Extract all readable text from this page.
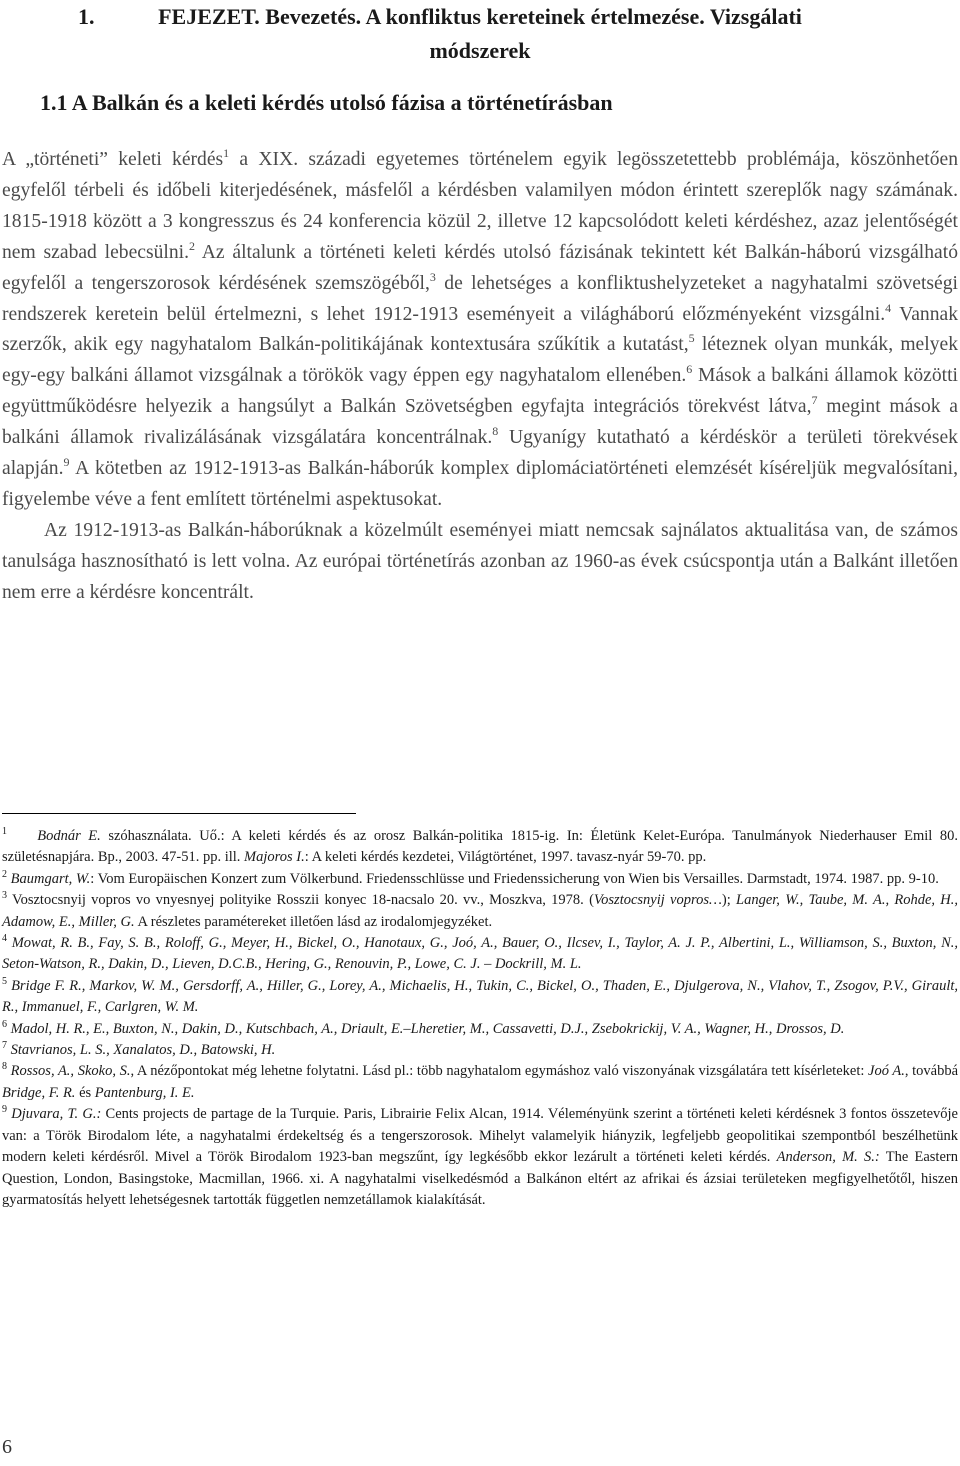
1.	FEJEZET. Bevezetés. A konfliktus kereteinek értelmezése. Vizsgálati
módszerek
1.1 A Balkán és a keleti kérdés utolsó fázisa a történetírásban

A „történeti” keleti kérdés$^1$ a XIX. századi egyetemes történelem egyik legösszetettebb problémája, köszönhetően egyfelől térbeli és időbeli kiterjedésének, másfelől a kérdésben valamilyen módon érintett szereplők nagy számának. 1815-1918 között a 3 kongresszus és 24 konferencia közül 2, illetve 12 kapcsolódott keleti kérdéshez, azaz jelentőségét nem szabad lebecsülni.$^2$ Az általunk a történeti keleti kérdés utolsó fázisának tekintett két Balkán-háború vizsgálható egyfelől a tengerszorosok kérdésének szemszögéből,$^3$ de lehetséges a konfliktushelyzeteket a nagyhatalmi szövetségi rendszerek keretein belül értelmezni, s lehet 1912-1913 eseményeit a világháború előzményeként vizsgálni.$^4$ Vannak szerzők, akik egy nagyhatalom Balkán-politikájának kontextusára szűkítik a kutatást,$^5$ léteznek olyan munkák, melyek egy-egy balkáni államot vizsgálnak a törökök vagy éppen egy nagyhatalom ellenében.$^6$ Mások a balkáni államok közötti együttműködésre helyezik a hangsúlyt a Balkán Szövetségben egyfajta integrációs törekvést látva,$^7$ megint mások a balkáni államok rivalizálásának vizsgálatára koncentrálnak.$^8$ Ugyanígy kutatható a kérdéskör a területi törekvések alapján.$^9$ A kötetben az 1912-1913-as Balkán-háborúk komplex diplomáciatörténeti elemzését kíséreljük megvalósítani, figyelembe véve a fent említett történelmi aspektusokat.

Az 1912-1913-as Balkán-háborúknak a közelmúlt eseményei miatt nemcsak sajnálatos aktualitása van, de számos tanulsága hasznosítható is lett volna. Az európai történetírás azonban az 1960-as évek csúcspontja után a Balkánt illetően nem erre a kérdésre koncentrált.

$^1$ Bodnár E. szóhasználata. Uő.: A keleti kérdés és az orosz Balkán-politika 1815-ig. In: Életünk Kelet-Európa. Tanulmányok Niederhauser Emil 80. születésnapjára. Bp., 2003. 47-51. pp. ill. Majoros I.: A keleti kérdés kezdetei, Világtörténet, 1997. tavasz-nyár 59-70. pp.

$^2$ Baumgart, W.: Vom Europäischen Konzert zum Völkerbund. Friedensschlüsse und Friedenssicherung von Wien bis Versailles. Darmstadt, 1974. 1987. pp. 9-10.

$^3$ Vosztocsnyij vopros vo vnyesnyej polityike Rosszii konyec 18-nacsalo 20. vv., Moszkva, 1978. (Vosztocsnyij vopros…); Langer, W., Taube, M. A., Rohde, H., Adamow, E., Miller, G. A részletes paramétereket illetően lásd az irodalomjegyzéket.

$^4$ Mowat, R. B., Fay, S. B., Roloff, G., Meyer, H., Bickel, O., Hanotaux, G., Joó, A., Bauer, O., Ilcsev, I., Taylor, A. J. P., Albertini, L., Williamson, S., Buxton, N., Seton-Watson, R., Dakin, D., Lieven, D.C.B., Hering, G., Renouvin, P., Lowe, C. J. – Dockrill, M. L.

$^5$ Bridge F. R., Markov, W. M., Gersdorff, A., Hiller, G., Lorey, A., Michaelis, H., Tukin, C., Bickel, O., Thaden, E., Djulgerova, N., Vlahov, T., Zsogov, P.V., Girault, R., Immanuel, F., Carlgren, W. M.

$^6$ Madol, H. R., E., Buxton, N., Dakin, D., Kutschbach, A., Driault, E.–Lheretier, M., Cassavetti, D.J., Zsebokrickij, V. A., Wagner, H., Drossos, D.

$^7$ Stavrianos, L. S., Xanalatos, D., Batowski, H.

$^8$ Rossos, A., Skoko, S., A nézőpontokat még lehetne folytatni. Lásd pl.: több nagyhatalom egymáshoz való viszonyának vizsgálatára tett kísérleteket: Joó A., továbbá Bridge, F. R. és Pantenburg, I. E.

$^9$ Djuvara, T. G.: Cents projects de partage de la Turquie. Paris, Librairie Felix Alcan, 1914. Véleményünk szerint a történeti keleti kérdésnek 3 fontos összetevője van: a Török Birodalom léte, a nagyhatalmi érdekeltség és a tengerszorosok. Mihelyt valamelyik hiányzik, legfeljebb geopolitikai szempontból beszélhetünk modern keleti kérdésről. Mivel a Török Birodalom 1923-ban megszűnt, így legkésőbb ekkor lezárult a történeti keleti kérdés. Anderson, M. S.: The Eastern Question, London, Basingstoke, Macmillan, 1966. xi. A nagyhatalmi viselkedésmód a Balkánon eltért az afrikai és ázsiai területeken megfigyelhetőtől, hiszen gyarmatosítás helyett lehetségesnek tartották független nemzetállamok kialakítását.

6
